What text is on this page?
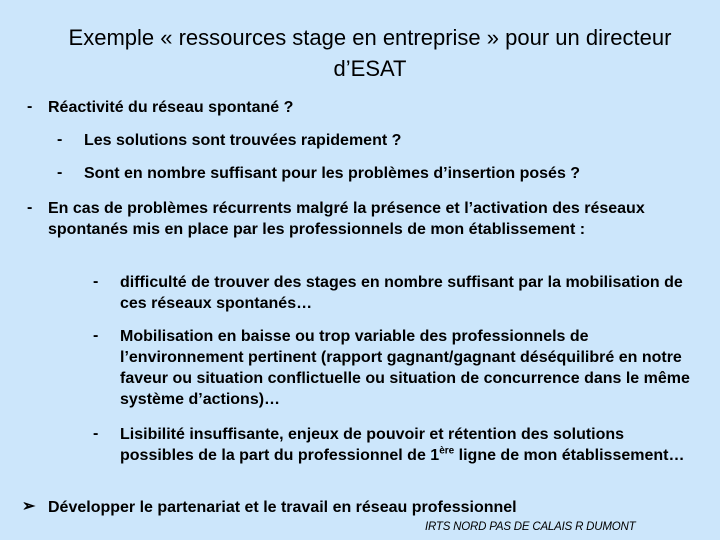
Exemple « ressources stage en entreprise » pour un directeur d’ESAT
- Réactivité du réseau spontané ?
- Les solutions sont trouvées rapidement ?
- Sont en nombre suffisant pour les problèmes d’insertion posés ?
- En cas de problèmes récurrents malgré la présence et l’activation des réseaux spontanés mis en place par les professionnels de mon établissement :
- difficulté de trouver des stages en nombre suffisant par la mobilisation de ces réseaux spontanés…
- Mobilisation en baisse ou trop variable des professionnels de l’environnement pertinent (rapport gagnant/gagnant déséquilibré en notre faveur ou situation conflictuelle ou situation de concurrence dans le même système d’actions)…
- Lisibilité insuffisante, enjeux de pouvoir et rétention des solutions possibles de la part du professionnel de 1ère ligne de mon établissement…
➢ Développer le partenariat et le travail en réseau professionnel
IRTS NORD PAS DE CALAIS R DUMONT
